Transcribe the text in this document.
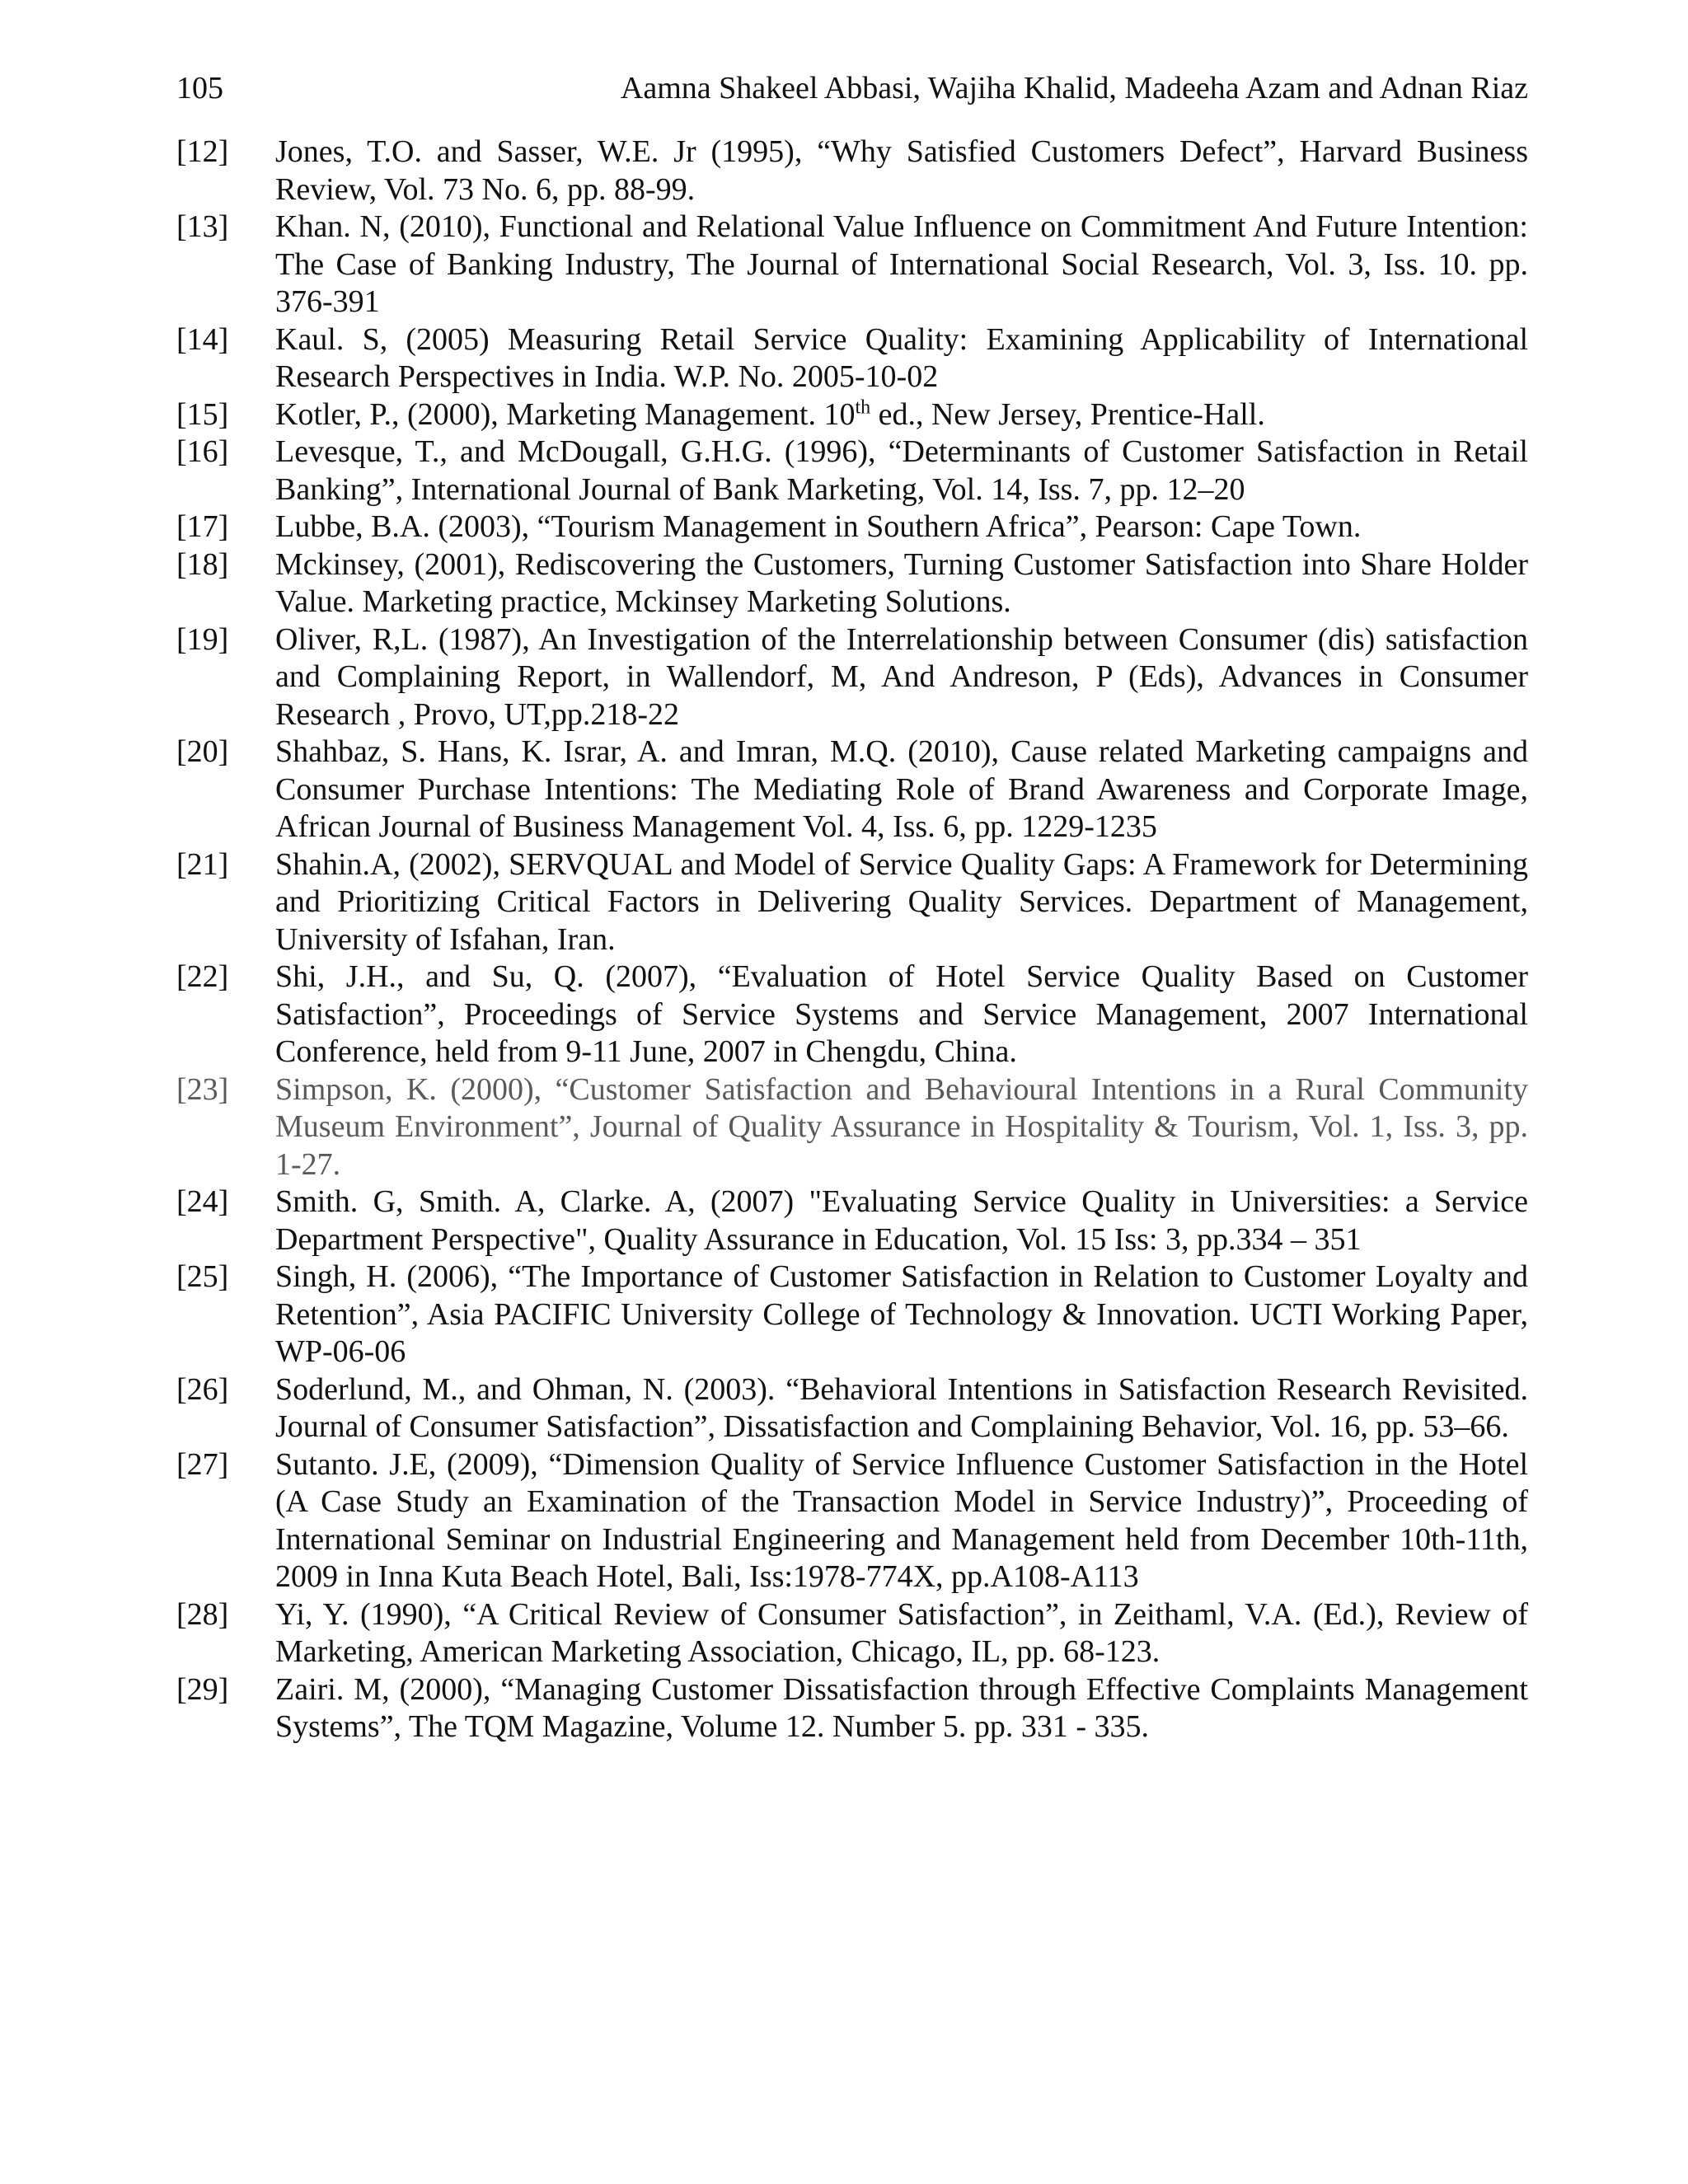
105	Aamna Shakeel Abbasi, Wajiha Khalid, Madeeha Azam and Adnan Riaz
[12]	Jones, T.O. and Sasser, W.E. Jr (1995), “Why Satisfied Customers Defect”, Harvard Business Review, Vol. 73 No. 6, pp. 88-99.
[13]	Khan. N, (2010), Functional and Relational Value Influence on Commitment And Future Intention: The Case of Banking Industry, The Journal of International Social Research, Vol. 3, Iss. 10. pp. 376-391
[14]	Kaul. S, (2005) Measuring Retail Service Quality: Examining Applicability of International Research Perspectives in India. W.P. No. 2005-10-02
[15]	Kotler, P., (2000), Marketing Management. 10th ed., New Jersey, Prentice-Hall.
[16]	Levesque, T., and McDougall, G.H.G. (1996), “Determinants of Customer Satisfaction in Retail Banking”, International Journal of Bank Marketing, Vol. 14, Iss. 7, pp. 12–20
[17]	Lubbe, B.A. (2003), “Tourism Management in Southern Africa”, Pearson: Cape Town.
[18]	Mckinsey, (2001), Rediscovering the Customers, Turning Customer Satisfaction into Share Holder Value. Marketing practice, Mckinsey Marketing Solutions.
[19]	Oliver, R,L. (1987), An Investigation of the Interrelationship between Consumer (dis) satisfaction and Complaining Report, in Wallendorf, M, And Andreson, P (Eds), Advances in Consumer Research , Provo, UT,pp.218-22
[20]	Shahbaz, S. Hans, K. Israr, A. and Imran, M.Q. (2010), Cause related Marketing campaigns and Consumer Purchase Intentions: The Mediating Role of Brand Awareness and Corporate Image, African Journal of Business Management Vol. 4, Iss. 6, pp. 1229-1235
[21]	Shahin.A, (2002), SERVQUAL and Model of Service Quality Gaps: A Framework for Determining and Prioritizing Critical Factors in Delivering Quality Services. Department of Management, University of Isfahan, Iran.
[22]	Shi, J.H., and Su, Q. (2007), “Evaluation of Hotel Service Quality Based on Customer Satisfaction”, Proceedings of Service Systems and Service Management, 2007 International Conference, held from 9-11 June, 2007 in Chengdu, China.
[23]	Simpson, K. (2000), “Customer Satisfaction and Behavioural Intentions in a Rural Community Museum Environment”, Journal of Quality Assurance in Hospitality & Tourism, Vol. 1, Iss. 3, pp. 1-27.
[24]	Smith. G, Smith. A, Clarke. A, (2007) "Evaluating Service Quality in Universities: a Service Department Perspective", Quality Assurance in Education, Vol. 15 Iss: 3, pp.334 – 351
[25]	Singh, H. (2006), “The Importance of Customer Satisfaction in Relation to Customer Loyalty and Retention”, Asia PACIFIC University College of Technology & Innovation. UCTI Working Paper, WP-06-06
[26]	Soderlund, M., and Ohman, N. (2003). “Behavioral Intentions in Satisfaction Research Revisited. Journal of Consumer Satisfaction”, Dissatisfaction and Complaining Behavior, Vol. 16, pp. 53–66.
[27]	Sutanto. J.E, (2009), “Dimension Quality of Service Influence Customer Satisfaction in the Hotel (A Case Study an Examination of the Transaction Model in Service Industry)”, Proceeding of International Seminar on Industrial Engineering and Management held from December 10th-11th, 2009 in Inna Kuta Beach Hotel, Bali, Iss:1978-774X, pp.A108-A113
[28]	Yi, Y. (1990), “A Critical Review of Consumer Satisfaction”, in Zeithaml, V.A. (Ed.), Review of Marketing, American Marketing Association, Chicago, IL, pp. 68-123.
[29]	Zairi. M, (2000), “Managing Customer Dissatisfaction through Effective Complaints Management Systems”, The TQM Magazine, Volume 12. Number 5. pp. 331 - 335.
